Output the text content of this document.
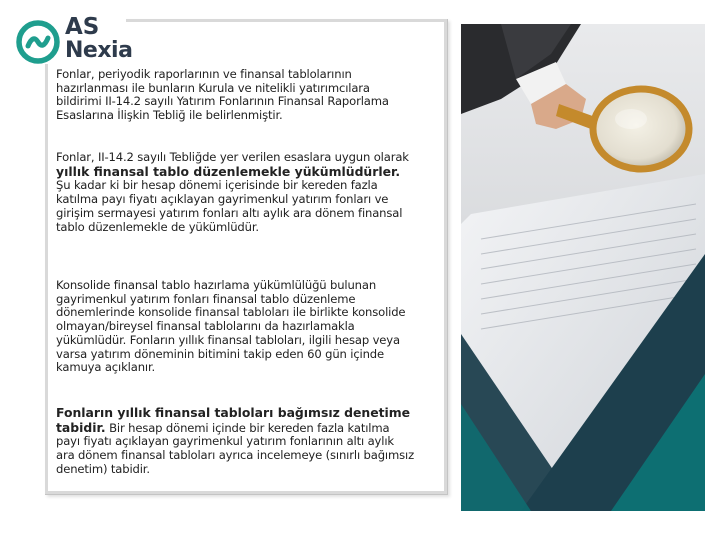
AS
Nexia
Fonlar, periyodik raporlarının ve finansal tablolarının hazırlanması ile bunların Kurula ve nitelikli yatırımcılara bildirimi II-14.2 sayılı Yatırım Fonlarının Finansal Raporlama Esaslarına İlişkin Tebliğ ile belirlenmiştir.
Fonlar, II-14.2 sayılı Tebliğde yer verilen esaslara uygun olarak yıllık finansal tablo düzenlemekle yükümlüdürler. Şu kadar ki bir hesap dönemi içerisinde bir kereden fazla katılma payı fiyatı açıklayan gayrimenkul yatırım fonları ve girişim sermayesi yatırım fonları altı aylık ara dönem finansal tablo düzenlemekle de yükümlüdür.
Konsolide finansal tablo hazırlama yükümlülüğü bulunan gayrimenkul yatırım fonları finansal tablo düzenleme dönemlerinde konsolide finansal tabloları ile birlikte konsolide olmayan/bireysel finansal tablolarını da hazırlamakla yükümlüdür. Fonların yıllık finansal tabloları, ilgili hesap veya varsa yatırım döneminin bitimini takip eden 60 gün içinde kamuya açıklanır.
Fonların yıllık finansal tabloları bağımsız denetime tabidir. Bir hesap dönemi içinde bir kereden fazla katılma payı fiyatı açıklayan gayrimenkul yatırım fonlarının altı aylık ara dönem finansal tabloları ayrıca incelemeye (sınırlı bağımsız denetim) tabidir.
